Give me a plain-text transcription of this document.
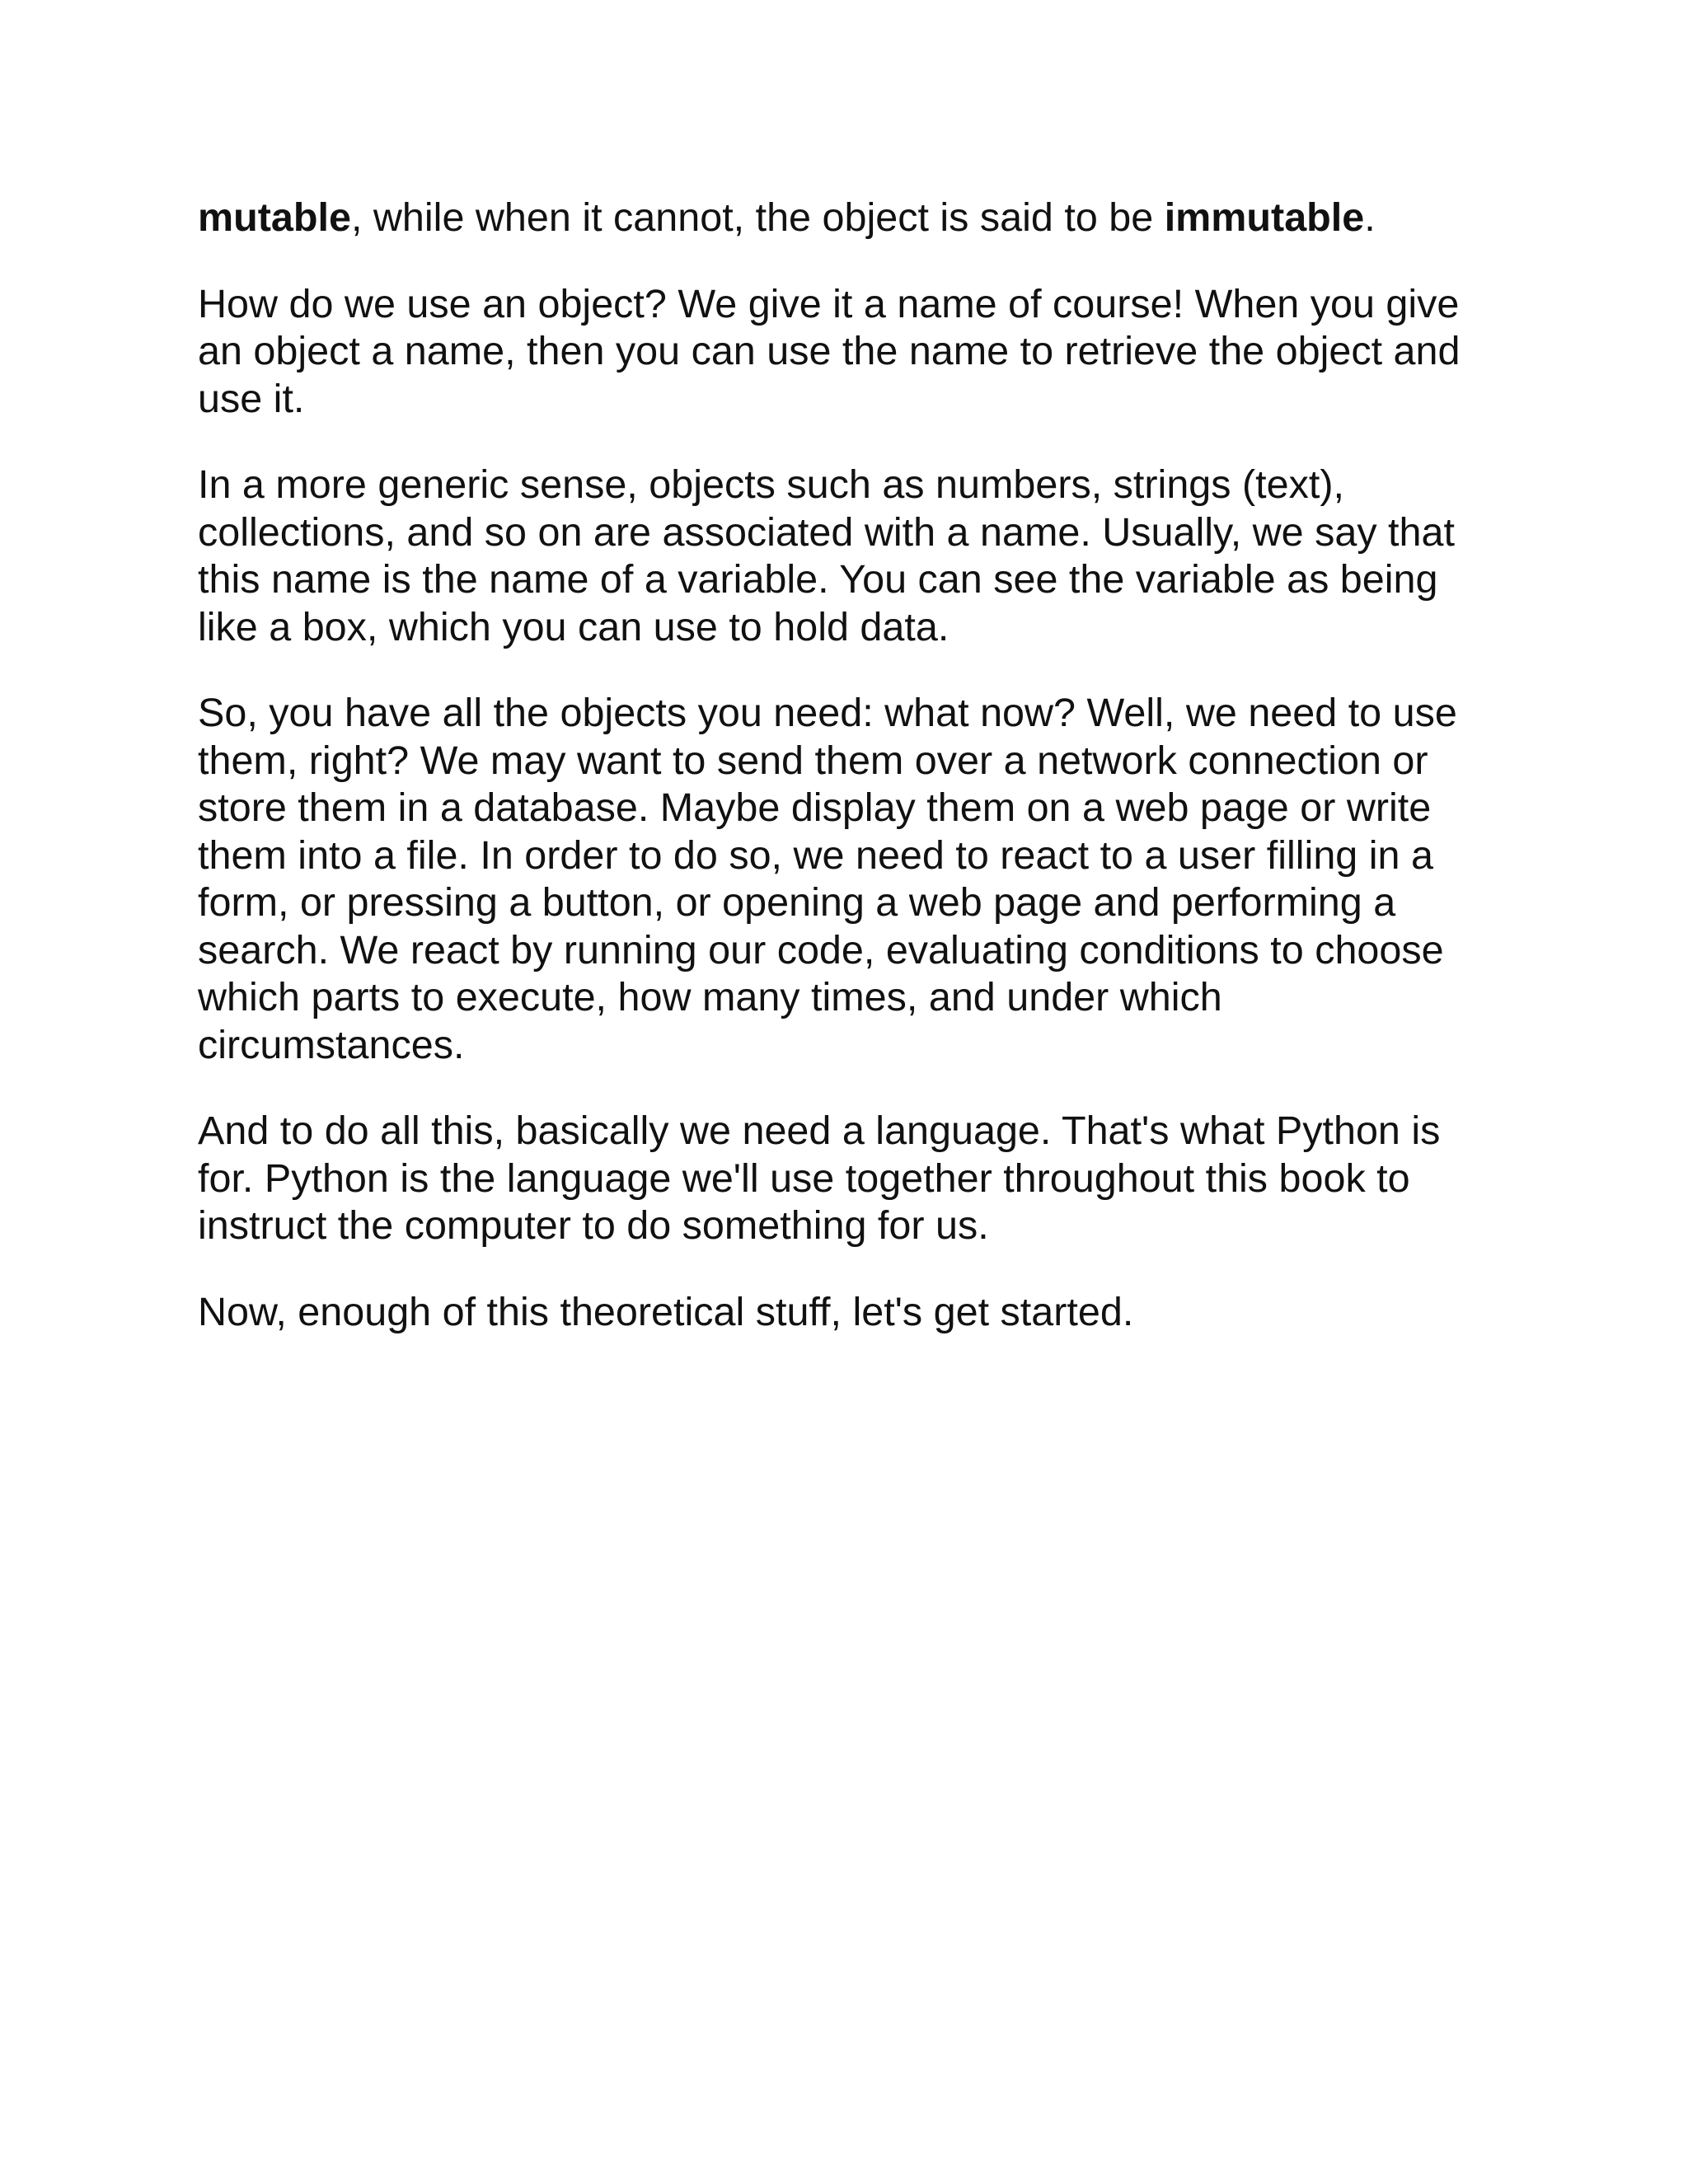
mutable, while when it cannot, the object is said to be immutable.

How do we use an object? We give it a name of course! When you give an object a name, then you can use the name to retrieve the object and use it.

In a more generic sense, objects such as numbers, strings (text), collections, and so on are associated with a name. Usually, we say that this name is the name of a variable. You can see the variable as being like a box, which you can use to hold data.

So, you have all the objects you need: what now? Well, we need to use them, right? We may want to send them over a network connection or store them in a database. Maybe display them on a web page or write them into a file. In order to do so, we need to react to a user filling in a form, or pressing a button, or opening a web page and performing a search. We react by running our code, evaluating conditions to choose which parts to execute, how many times, and under which circumstances.

And to do all this, basically we need a language. That's what Python is for. Python is the language we'll use together throughout this book to instruct the computer to do something for us.

Now, enough of this theoretical stuff, let's get started.
